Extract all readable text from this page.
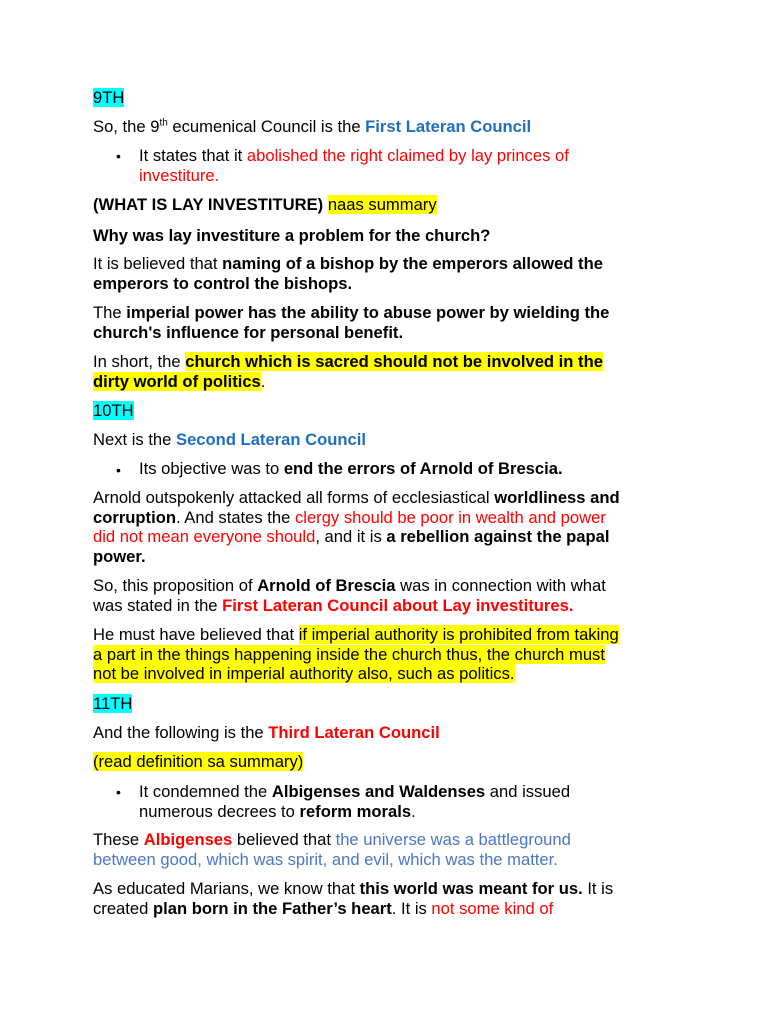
9TH
So, the 9th ecumenical Council is the First Lateran Council
• It states that it abolished the right claimed by lay princes of
investiture.
(WHAT IS LAY INVESTITURE) naas summary
Why was lay investiture a problem for the church?
It is believed that naming of a bishop by the emperors allowed the
emperors to control the bishops.
The imperial power has the ability to abuse power by wielding the
church's influence for personal benefit.
In short, the church which is sacred should not be involved in the
dirty world of politics.
10TH
Next is the Second Lateran Council
• Its objective was to end the errors of Arnold of Brescia.
Arnold outspokenly attacked all forms of ecclesiastical worldliness and
corruption. And states the clergy should be poor in wealth and power
did not mean everyone should, and it is a rebellion against the papal
power.
So, this proposition of Arnold of Brescia was in connection with what
was stated in the First Lateran Council about Lay investitures.
He must have believed that if imperial authority is prohibited from taking
a part in the things happening inside the church thus, the church must
not be involved in imperial authority also, such as politics.
11TH
And the following is the Third Lateran Council
(read definition sa summary)
• It condemned the Albigenses and Waldenses and issued
numerous decrees to reform morals.
These Albigenses believed that the universe was a battleground
between good, which was spirit, and evil, which was the matter.
As educated Marians, we know that this world was meant for us. It is
created plan born in the Father’s heart. It is not some kind of
